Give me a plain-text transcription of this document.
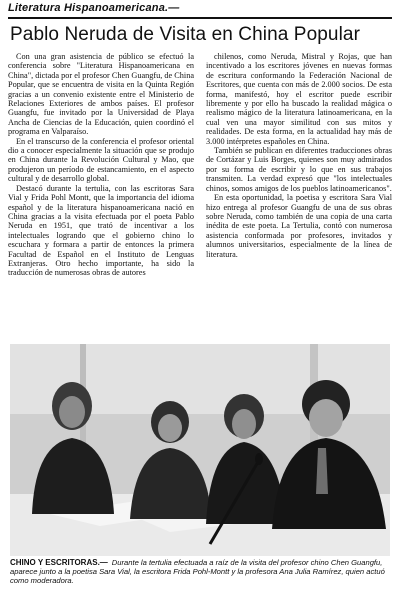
Literatura Hispanoamericana.—
Pablo Neruda de Visita en China Popular

Con una gran asistencia de público se efectuó la conferencia sobre "Literatura Hispanoamericana en China", dictada por el profesor Chen Guangfu, de China Popular, que se encuentra de visita en la Quinta Región gracias a un convenio existente entre el Ministerio de Relaciones Exteriores de ambos países. El profesor Guangfu, fue invitado por la Universidad de Playa Ancha de Ciencias de la Educación, quien coordinó el programa en Valparaíso.

En el transcurso de la conferencia el profesor oriental dio a conocer especialmente la situación que se produjo en China durante la Revolución Cultural y Mao, que produjeron un período de estancamiento, en el aspecto cultural y de desarrollo global.

Destacó durante la tertulia, con las escritoras Sara Vial y Frida Pohl Montt, que la importancia del idioma español y de la literatura hispanoamericana nació en China gracias a la visita efectuada por el poeta Pablo Neruda en 1951, que trató de incentivar a los intelectuales logrando que el gobierno chino lo escuchara y formara a partir de entonces la primera Facultad de Español en el Instituto de Lenguas Extranjeras. Otro hecho importante, ha sido la traducción de numerosas obras de autores

chilenos, como Neruda, Mistral y Rojas, que han incentivado a los escritores jóvenes en nuevas formas de escritura conformando la Federación Nacional de Escritores, que cuenta con más de 2.000 socios. De esta forma, manifestó, hoy el escritor puede escribir libremente y por ello ha buscado la realidad mágica o realismo mágico de la literatura latinoamericana, en la cual ven una mayor similitud con sus mitos y realidades. De esta forma, en la actualidad hay más de 3.000 intérpretes españoles en China.

También se publican en diferentes traducciones obras de Cortázar y Luis Borges, quienes son muy admirados por su forma de escribir y lo que en sus trabajos transmiten. La verdad expresó que "los intelectuales chinos, somos amigos de los pueblos latinoamericanos".

En esta oportunidad, la poetisa y escritora Sara Vial hizo entrega al profesor Guangfu de una de sus obras sobre Neruda, como también de una copia de una carta inédita de este poeta. La Tertulia, contó con numerosa asistencia conformada por profesores, invitados y alumnos universitarios, especialmente de la línea de literatura.

CHINO Y ESCRITORAS.— Durante la tertulia efectuada a raíz de la visita del profesor chino Chen Guangfu, aparece junto a la poetisa Sara Vial, la escritora Frida Pohl-Montt y la profesora Ana Julia Ramírez, quien actuó como moderadora.
